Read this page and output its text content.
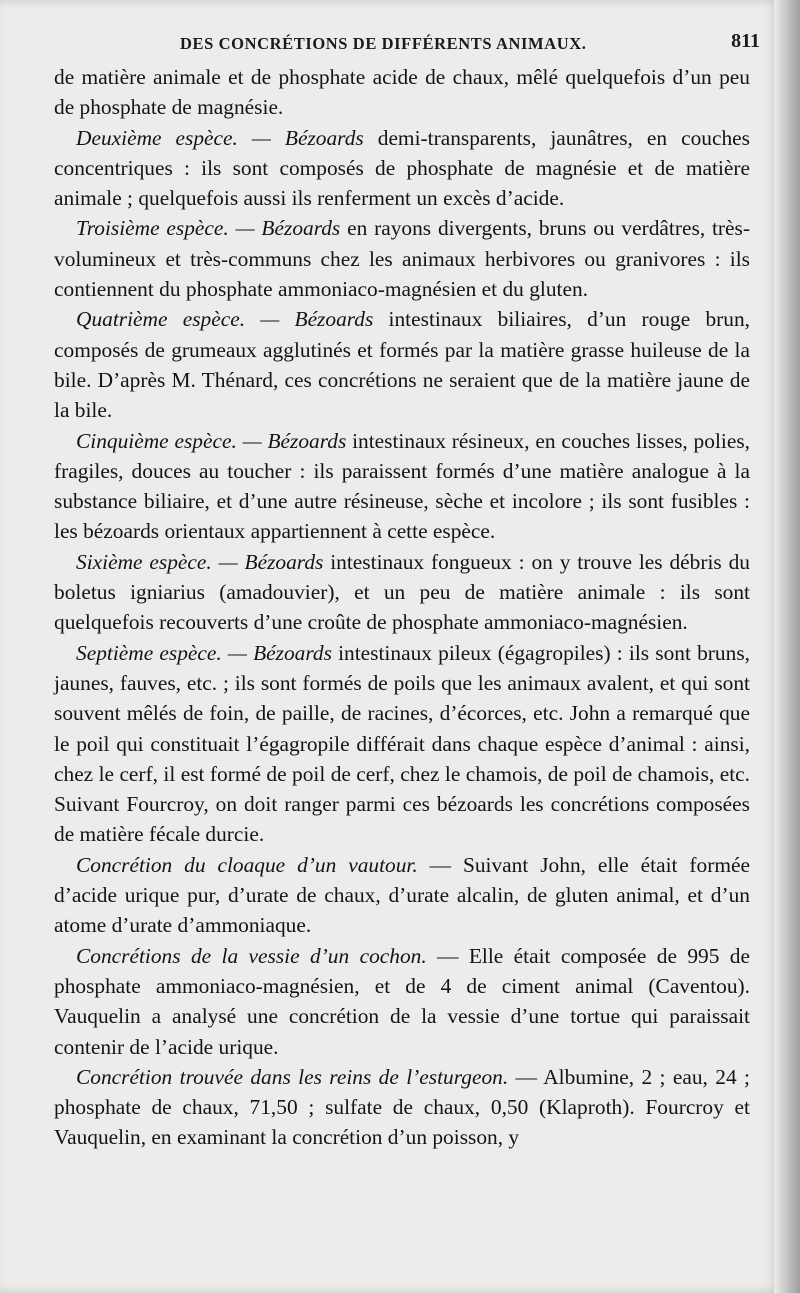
DES CONCRÉTIONS DE DIFFÉRENTS ANIMAUX.	811

de matière animale et de phosphate acide de chaux, mêlé quelquefois d’un peu de phosphate de magnésie.

Deuxième espèce. — Bézoards demi-transparents, jaunâtres, en couches concentriques : ils sont composés de phosphate de magnésie et de matière animale ; quelquefois aussi ils renferment un excès d’acide.

Troisième espèce. — Bézoards en rayons divergents, bruns ou verdâtres, très-volumineux et très-communs chez les animaux herbivores ou granivores : ils contiennent du phosphate ammoniaco-magnésien et du gluten.

Quatrième espèce. — Bézoards intestinaux biliaires, d’un rouge brun, composés de grumeaux agglutinés et formés par la matière grasse huileuse de la bile. D’après M. Thénard, ces concrétions ne seraient que de la matière jaune de la bile.

Cinquième espèce. — Bézoards intestinaux résineux, en couches lisses, polies, fragiles, douces au toucher : ils paraissent formés d’une matière analogue à la substance biliaire, et d’une autre résineuse, sèche et incolore ; ils sont fusibles : les bézoards orientaux appartiennent à cette espèce.

Sixième espèce. — Bézoards intestinaux fongueux : on y trouve les débris du boletus igniarius (amadouvier), et un peu de matière animale : ils sont quelquefois recouverts d’une croûte de phosphate ammoniaco-magnésien.

Septième espèce. — Bézoards intestinaux pileux (égagropiles) : ils sont bruns, jaunes, fauves, etc. ; ils sont formés de poils que les animaux avalent, et qui sont souvent mêlés de foin, de paille, de racines, d’écorces, etc. John a remarqué que le poil qui constituait l’égagropile différait dans chaque espèce d’animal : ainsi, chez le cerf, il est formé de poil de cerf, chez le chamois, de poil de chamois, etc. Suivant Fourcroy, on doit ranger parmi ces bézoards les concrétions composées de matière fécale durcie.

Concrétion du cloaque d’un vautour. — Suivant John, elle était formée d’acide urique pur, d’urate de chaux, d’urate alcalin, de gluten animal, et d’un atome d’urate d’ammoniaque.

Concrétions de la vessie d’un cochon. — Elle était composée de 995 de phosphate ammoniaco-magnésien, et de 4 de ciment animal (Caventou). Vauquelin a analysé une concrétion de la vessie d’une tortue qui paraissait contenir de l’acide urique.

Concrétion trouvée dans les reins de l’esturgeon. — Albumine, 2 ; eau, 24 ; phosphate de chaux, 71,50 ; sulfate de chaux, 0,50 (Klaproth). Fourcroy et Vauquelin, en examinant la concrétion d’un poisson, y
